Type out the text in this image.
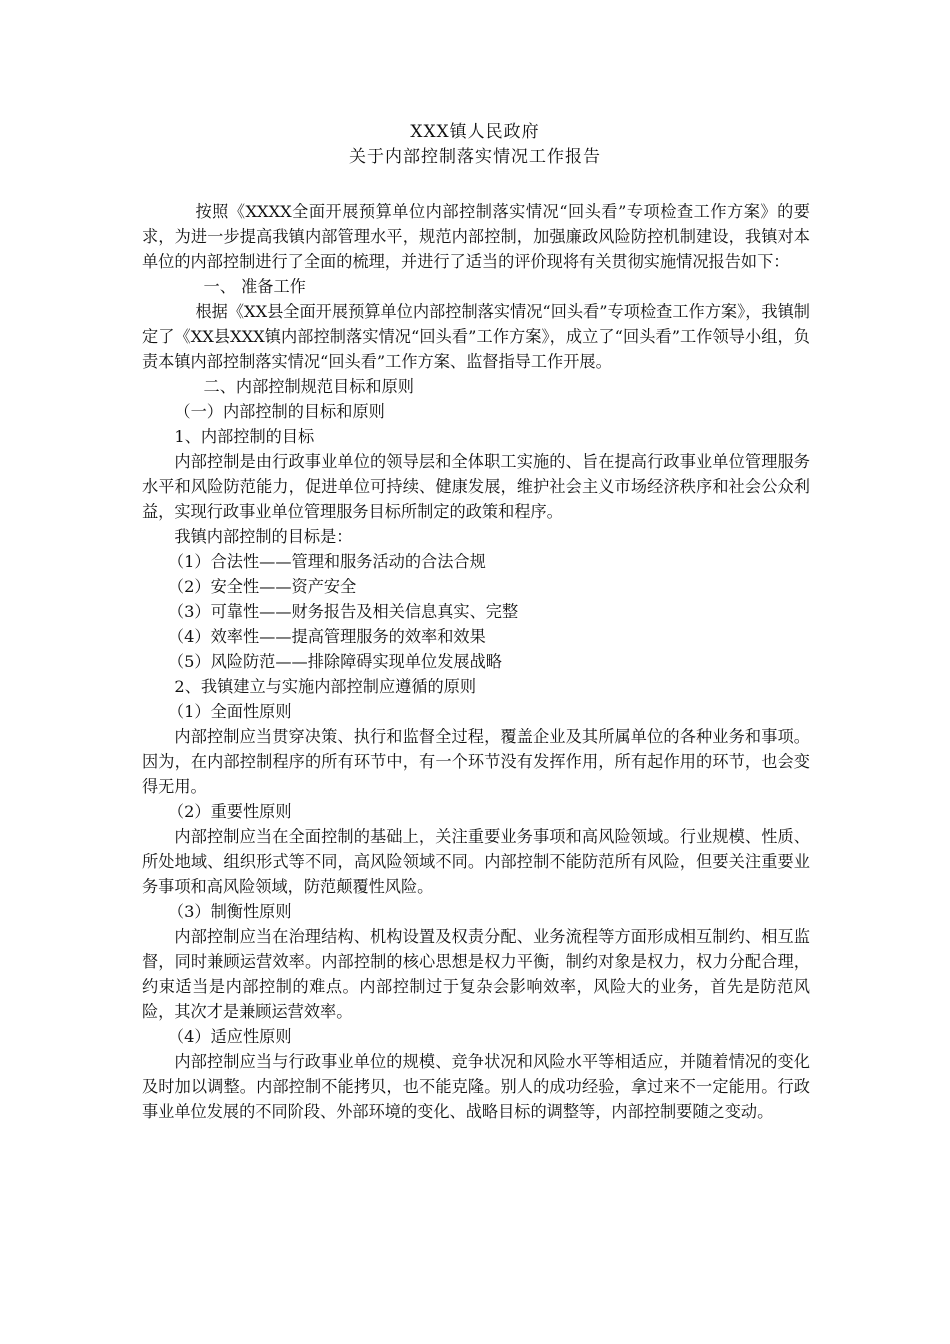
XXX镇人民政府
关于内部控制落实情况工作报告

按照《XXXX全面开展预算单位内部控制落实情况“回头看”专项检查工作方案》的要求，为进一步提高我镇内部管理水平，规范内部控制，加强廉政风险防控机制建设，我镇对本单位的内部控制进行了全面的梳理，并进行了适当的评价现将有关贯彻实施情况报告如下：

一、 准备工作

根据《XX县全面开展预算单位内部控制落实情况“回头看”专项检查工作方案》，我镇制定了《XX县XXX镇内部控制落实情况“回头看”工作方案》，成立了“回头看”工作领导小组，负责本镇内部控制落实情况“回头看”工作方案、监督指导工作开展。

二、内部控制规范目标和原则

（一）内部控制的目标和原则

1、内部控制的目标

内部控制是由行政事业单位的领导层和全体职工实施的、旨在提高行政事业单位管理服务水平和风险防范能力，促进单位可持续、健康发展，维护社会主义市场经济秩序和社会公众利益，实现行政事业单位管理服务目标所制定的政策和程序。

我镇内部控制的目标是：

（1）合法性——管理和服务活动的合法合规

（2）安全性——资产安全

（3）可靠性——财务报告及相关信息真实、完整

（4）效率性——提高管理服务的效率和效果

（5）风险防范——排除障碍实现单位发展战略

2、我镇建立与实施内部控制应遵循的原则

（1）全面性原则

内部控制应当贯穿决策、执行和监督全过程，覆盖企业及其所属单位的各种业务和事项。因为，在内部控制程序的所有环节中，有一个环节没有发挥作用，所有起作用的环节，也会变得无用。

（2）重要性原则

内部控制应当在全面控制的基础上，关注重要业务事项和高风险领域。行业规模、性质、所处地域、组织形式等不同，高风险领域不同。内部控制不能防范所有风险，但要关注重要业务事项和高风险领域，防范颠覆性风险。

（3）制衡性原则

内部控制应当在治理结构、机构设置及权责分配、业务流程等方面形成相互制约、相互监督，同时兼顾运营效率。内部控制的核心思想是权力平衡，制约对象是权力，权力分配合理，约束适当是内部控制的难点。内部控制过于复杂会影响效率，风险大的业务，首先是防范风险，其次才是兼顾运营效率。

（4）适应性原则

内部控制应当与行政事业单位的规模、竞争状况和风险水平等相适应，并随着情况的变化及时加以调整。内部控制不能拷贝，也不能克隆。别人的成功经验，拿过来不一定能用。行政事业单位发展的不同阶段、外部环境的变化、战略目标的调整等，内部控制要随之变动。
